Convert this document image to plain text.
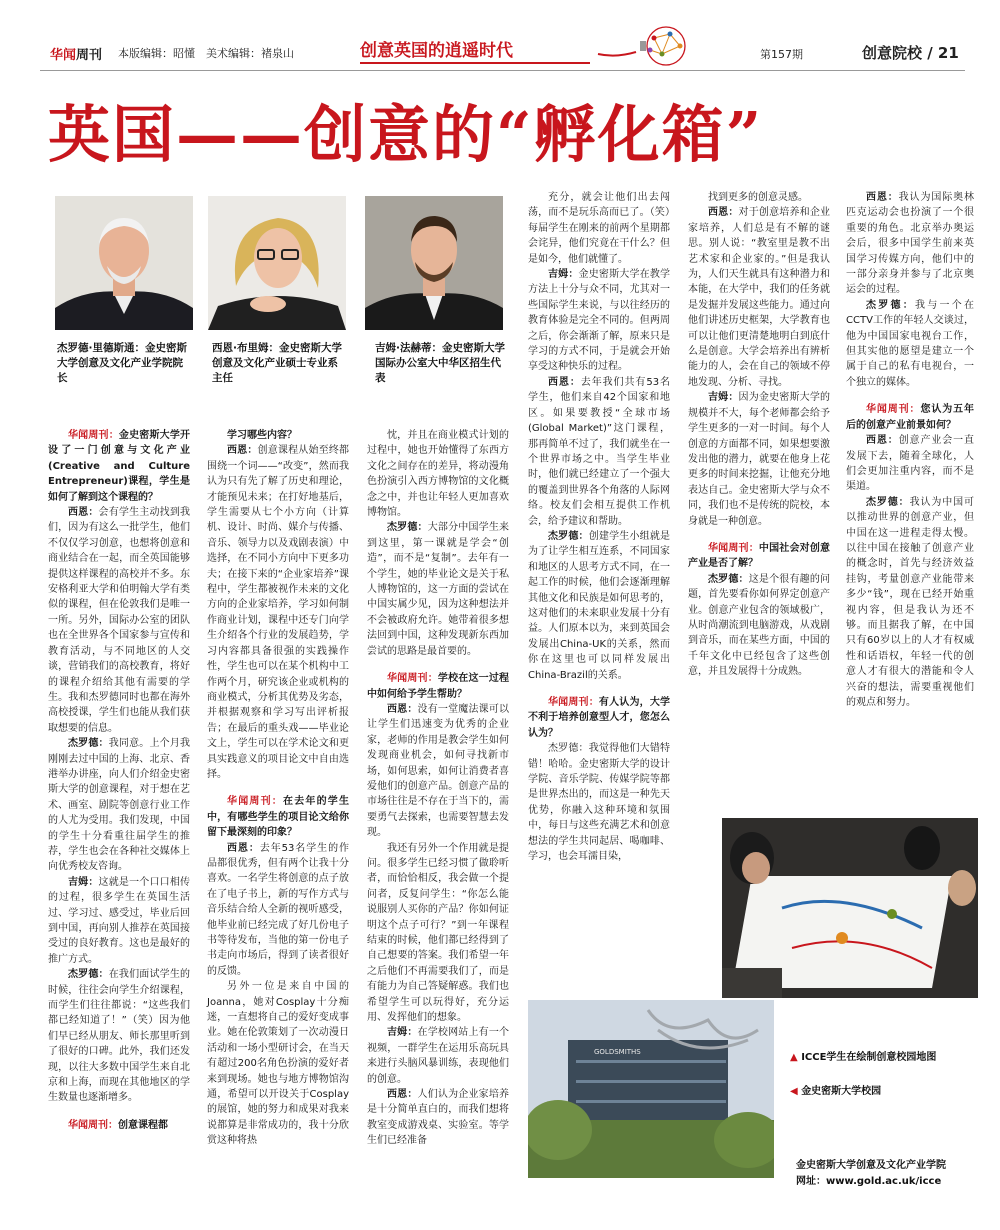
华闻周刊 本版编辑：昭懂　美术编辑：褚泉山	创意英国的逍遥时代	第157期	创意院校 / 21
英国——创意的“孵化箱”
杰罗德·里德斯通：金史密斯大学创意及文化产业学院院长
西恩·布里姆：金史密斯大学创意及文化产业硕士专业系主任
吉姆·法赫蒂：金史密斯大学国际办公室大中华区招生代表

华闻周刊：金史密斯大学开设了一门创意与文化产业(Creative and Culture Entrepreneur)课程，学生是如何了解到这个课程的？

西恩：会有学生主动找到我们，因为有这么一批学生，他们不仅仅学习创意，也想将创意和商业结合在一起，而全英国能够提供这样课程的高校并不多。东安格利亚大学和伯明翰大学有类似的课程，但在伦敦我们是唯一一所。另外，国际办公室的团队也在全世界各个国家参与宣传和教育活动，与不同地区的人交谈，营销我们的高校教育，将好的课程介绍给其他有需要的学生。我和杰罗德同时也都在海外高校授课，学生们也能从我们获取想要的信息。

杰罗德：我同意。上个月我刚刚去过中国的上海、北京、香港举办讲座，向人们介绍金史密斯大学的创意课程，对于想在艺术、画室、剧院等创意行业工作的人尤为受用。我们发现，中国的学生十分看重往届学生的推荐，学生也会在各种社交媒体上向优秀校友咨询。

吉姆：这就是一个口口相传的过程，很多学生在英国生活过、学习过、感受过，毕业后回到中国，再向别人推荐在英国接受过的良好教育。这也是最好的推广方式。

杰罗德：在我们面试学生的时候，往往会向学生介绍课程，而学生们往往都说：“这些我们都已经知道了！”（笑）因为他们早已经从朋友、师长那里听到了很好的口碑。此外，我们还发现，以往大多数中国学生来自北京和上海，而现在其他地区的学生数量也逐渐增多。

华闻周刊：创意课程都

学习哪些内容？

西恩：创意课程从始至终都围绕一个词——“改变”，然而我认为只有先了解了历史和理论，才能预见未来；在打好地基后，学生需要从七个小方向（计算机、设计、时尚、媒介与传播、音乐、领导力以及戏剧表演）中选择，在不同小方向中下更多功夫；在接下来的“企业家培养”课程中，学生都被视作未来的文化方向的企业家培养，学习如何制作商业计划，课程中还专门向学生介绍各个行业的发展趋势，学习内容都具备很强的实践操作性，学生也可以在某个机构中工作两个月，研究该企业或机构的商业模式，分析其优势及劣态，并根据观察和学习写出评析报告；在最后的重头戏——毕业论文上，学生可以在学术论文和更具实践意义的项目论文中自由选择。

华闻周刊：在去年的学生中，有哪些学生的项目论文给你留下最深刻的印象？

西恩：去年53名学生的作品都很优秀，但有两个让我十分喜欢。一名学生将创意的点子放在了电子书上，新的写作方式与音乐结合给人全新的视听感受，他毕业前已经完成了好几份电子书等待发布，当他的第一份电子书走向市场后，得到了读者很好的反馈。

另外一位是来自中国的Joanna，她对Cosplay十分痴迷，一直想将自己的爱好变成事业。她在伦敦策划了一次动漫日活动和一场小型研讨会，在当天有超过200名角色扮演的爱好者来到现场。她也与地方博物馆沟通，希望可以开设关于Cosplay的展馆，她的努力和成果对我来说都算是非常成功的，我十分欣赏这种将热

忱，并且在商业模式计划的过程中，她也开始懂得了东西方文化之间存在的差异，将动漫角色扮演引入西方博物馆的文化概念之中，并也让年轻人更加喜欢博物馆。

杰罗德：大部分中国学生来到这里，第一课就是学会“创造”，而不是“复制”。去年有一个学生，她的毕业论文是关于私人博物馆的，这一方面的尝试在中国实属少见，因为这种想法并不会被政府允许。她带着很多想法回到中国，这种发现新东西加尝试的思路是最首要的。

华闻周刊：学校在这一过程中如何给予学生帮助？

西恩：没有一堂魔法课可以让学生们迅速变为优秀的企业家，老师的作用是教会学生如何发现商业机会，如何寻找新市场，如何思索，如何让消费者喜爱他们的创意产品。创意产品的市场往往是不存在于当下的，需要勇气去探索，也需要智慧去发现。

我还有另外一个作用就是提问。很多学生已经习惯了做聆听者，而恰恰相反，我会做一个提问者，反复问学生：“你怎么能说服别人买你的产品？你如何证明这个点子可行？”到一年课程结束的时候，他们都已经得到了自己想要的答案。我们希望一年之后他们不再需要我们了，而是有能力为自己答疑解惑。我们也希望学生可以玩得好，充分运用、发挥他们的想象。

吉姆：在学校网站上有一个视频，一群学生在运用乐高玩具来进行头脑风暴训练，表现他们的创意。

西恩：人们认为企业家培养是十分简单直白的，而我们想将教室变成游戏桌、实验室。等学生们已经准备

充分，就会让他们出去闯荡，而不是玩乐高而已了。（笑）每届学生在刚来的前两个星期都会诧异，他们究竟在干什么？但是如今，他们就懂了。

吉姆：金史密斯大学在教学方法上十分与众不同，尤其对一些国际学生来说，与以往经历的教育体验是完全不同的。但两周之后，你会渐渐了解，原来只是学习的方式不同，于是就会开始享受这种快乐的过程。

西恩：去年我们共有53名学生，他们来自42个国家和地区。如果要教授“全球市场(Global Market)”这门课程，那再简单不过了，我们就坐在一个世界市场之中。当学生毕业时，他们就已经建立了一个强大的覆盖到世界各个角落的人际网络。校友们会相互提供工作机会，给予建议和帮助。

杰罗德：创建学生小组就是为了让学生相互连系，不同国家和地区的人思考方式不同，在一起工作的时候，他们会逐渐理解其他文化和民族是如何思考的，这对他们的未来职业发展十分有益。人们原本以为，来到英国会发展出China-UK的关系，然而你在这里也可以同样发展出China-Brazil的关系。

华闻周刊：有人认为，大学不利于培养创意型人才，您怎么认为？

杰罗德：我觉得他们大错特错！哈哈。金史密斯大学的设计学院、音乐学院、传媒学院等都是世界杰出的，而这是一种先天优势，你融入这种环境和氛围中，每日与这些充满艺术和创意想法的学生共同起居、喝咖啡、学习，也会耳濡目染，

找到更多的创意灵感。

西恩：对于创意培养和企业家培养，人们总是有不解的谜思。别人说：“教室里是教不出艺术家和企业家的。”但是我认为，人们天生就具有这种潜力和本能，在大学中，我们的任务就是发掘并发展这些能力。通过向他们讲述历史框架，大学教育也可以让他们更清楚地明白到底什么是创意。大学会培养出有辨析能力的人，会在自己的领域不停地发现、分析、寻找。

吉姆：因为金史密斯大学的规模并不大，每个老师都会给予学生更多的一对一时间。每个人创意的方面都不同，如果想要激发出他的潜力，就要在他身上花更多的时间来挖掘，让他充分地表达自己。金史密斯大学与众不同，我们也不是传统的院校，本身就是一种创意。

华闻周刊：中国社会对创意产业是否了解？

杰罗德：这是个很有趣的问题，首先要看你如何界定创意产业。创意产业包含的领域极广，从时尚潮流到电脑游戏，从戏剧到音乐，而在某些方面，中国的千年文化中已经包含了这些创意，并且发展得十分成熟。

西恩：我认为国际奥林匹克运动会也扮演了一个很重要的角色。北京举办奥运会后，很多中国学生前来英国学习传媒方向，他们中的一部分亲身并参与了北京奥运会的过程。

杰罗德：我与一个在CCTV工作的年轻人交谈过，他为中国国家电视台工作，但其实他的愿望是建立一个属于自己的私有电视台，一个独立的媒体。

华闻周刊：您认为五年后的创意产业前景如何？

西恩：创意产业会一直发展下去，随着全球化，人们会更加注重内容，而不是渠道。

杰罗德：我认为中国可以推动世界的创意产业，但中国在这一进程走得太慢。以往中国在接触了创意产业的概念时，首先与经济效益挂钩，考量创意产业能带来多少“钱”，现在已经开始重视内容，但是我认为还不够。而且据我了解，在中国只有60岁以上的人才有权威性和话语权，年轻一代的创意人才有很大的潜能和令人兴奋的想法，需要重视他们的观点和努力。

GOLDSMITHS	▲ ICCE学生在绘制创意校园地图
◀ 金史密斯大学校园
金史密斯大学创意及文化产业学院
网址：www.gold.ac.uk/icce
